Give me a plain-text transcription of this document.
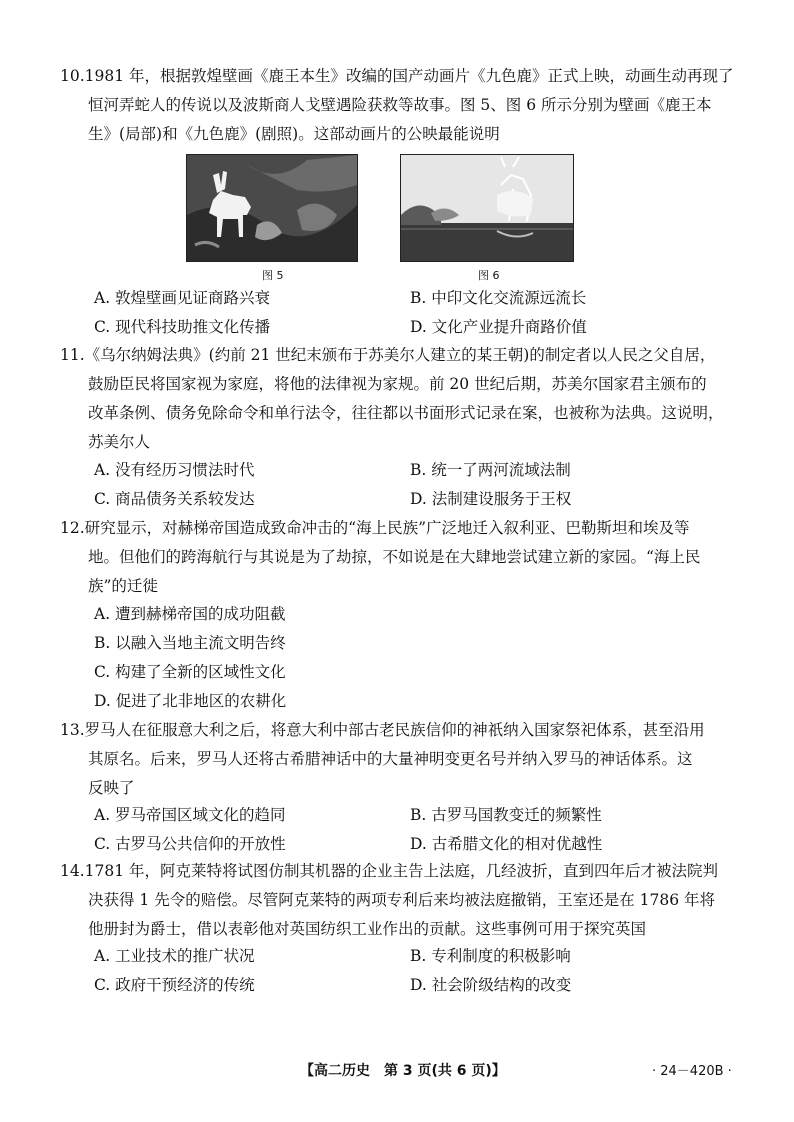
10.1981 年，根据敦煌壁画《鹿王本生》改编的国产动画片《九色鹿》正式上映，动画生动再现了
恒河弄蛇人的传说以及波斯商人戈壁遇险获救等故事。图 5、图 6 所示分别为壁画《鹿王本
生》(局部)和《九色鹿》(剧照)。这部动画片的公映最能说明
图 5	图 6
A. 敦煌壁画见证商路兴衰	B. 中印文化交流源远流长
C. 现代科技助推文化传播	D. 文化产业提升商路价值
11.《乌尔纳姆法典》(约前 21 世纪末颁布于苏美尔人建立的某王朝)的制定者以人民之父自居，
鼓励臣民将国家视为家庭，将他的法律视为家规。前 20 世纪后期，苏美尔国家君主颁布的
改革条例、债务免除命令和单行法令，往往都以书面形式记录在案，也被称为法典。这说明，
苏美尔人
A. 没有经历习惯法时代	B. 统一了两河流域法制
C. 商品债务关系较发达	D. 法制建设服务于王权
12.研究显示，对赫梯帝国造成致命冲击的“海上民族”广泛地迁入叙利亚、巴勒斯坦和埃及等
地。但他们的跨海航行与其说是为了劫掠，不如说是在大肆地尝试建立新的家园。“海上民
族”的迁徙
A. 遭到赫梯帝国的成功阻截
B. 以融入当地主流文明告终
C. 构建了全新的区域性文化
D. 促进了北非地区的农耕化
13.罗马人在征服意大利之后，将意大利中部古老民族信仰的神祇纳入国家祭祀体系，甚至沿用
其原名。后来，罗马人还将古希腊神话中的大量神明变更名号并纳入罗马的神话体系。这
反映了
A. 罗马帝国区域文化的趋同	B. 古罗马国教变迁的频繁性
C. 古罗马公共信仰的开放性	D. 古希腊文化的相对优越性
14.1781 年，阿克莱特将试图仿制其机器的企业主告上法庭，几经波折，直到四年后才被法院判
决获得 1 先令的赔偿。尽管阿克莱特的两项专利后来均被法庭撤销，王室还是在 1786 年将
他册封为爵士，借以表彰他对英国纺织工业作出的贡献。这些事例可用于探究英国
A. 工业技术的推广状况	B. 专利制度的积极影响
C. 政府干预经济的传统	D. 社会阶级结构的改变
【高二历史　第 3 页(共 6 页)】	· 24－420B ·
